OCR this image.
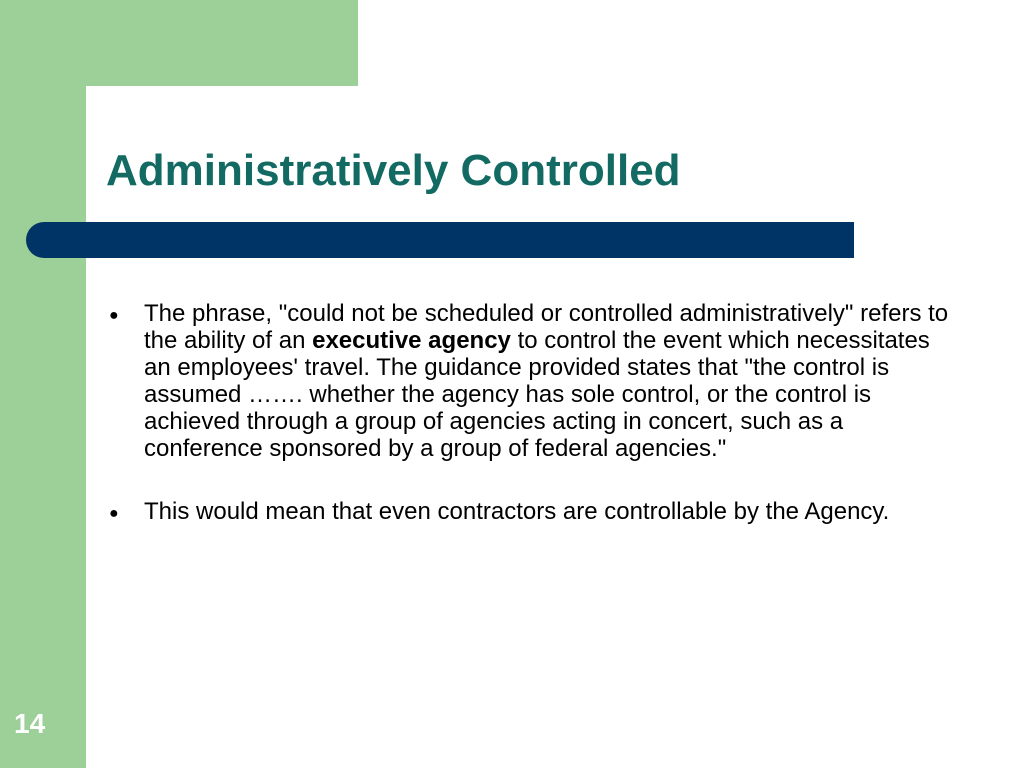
Administratively Controlled
● The phrase, "could not be scheduled or controlled administratively" refers to the ability of an executive agency to control the event which necessitates an employees' travel. The guidance provided states that "the control is assumed ……. whether the agency has sole control, or the control is achieved through a group of agencies acting in concert, such as a conference sponsored by a group of federal agencies."
● This would mean that even contractors are controllable by the Agency.
14
